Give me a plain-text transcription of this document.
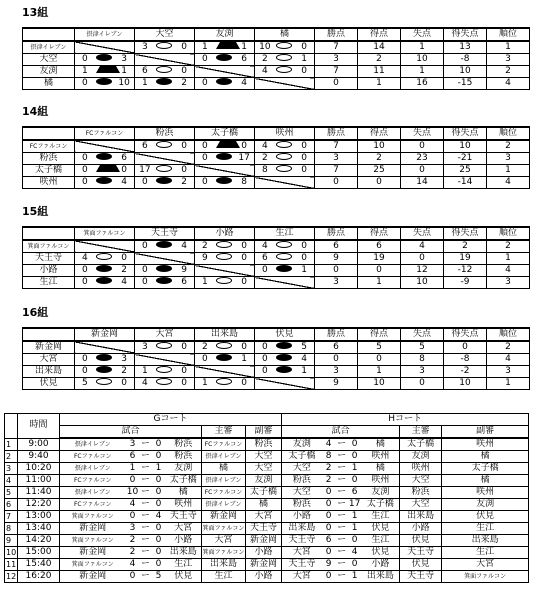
13組
	摂津イレブン	大空	友渕	橘	勝点	得点	失点	得失点	順位
摂津イレブン		3 0	1 1	10 0	7	14	1	13	1
大空	0 3		0 6	2 1	3	2	10	-8	3
友渕	1 1	6 0		4 0	7	11	1	10	2
橘	0 10	1 2	0 4		0	1	16	-15	4
14組
	FCファルコン	粉浜	太子橋	咲州	勝点	得点	失点	得失点	順位
FCファルコン		6 0	0 0	4 0	7	10	0	10	2
粉浜	0 6		0 17	2 0	3	2	23	-21	3
太子橋	0 0	17 0		8 0	7	25	0	25	1
咲州	0 4	0 2	0 8		0	0	14	-14	4
15組
	箕面ファルコン	天王寺	小路	生江	勝点	得点	失点	得失点	順位
箕面ファルコン		0 4	2 0	4 0	6	6	4	2	2
天王寺	4 0		9 0	6 0	9	19	0	19	1
小路	0 2	0 9		0 1	0	0	12	-12	4
生江	0 4	0 6	1 0		3	1	10	-9	3
16組
	新金岡	大宮	出来島	伏見	勝点	得点	失点	得失点	順位
新金岡		3 0	2 0	0 5	6	5	5	0	2
大宮	0 3		0 1	0 4	0	0	8	-8	4
出来島	0 2	1 0		0 1	3	1	3	-2	3
伏見	5 0	4 0	1 0		9	10	0	10	1
	時間	Gコート							Hコート						
		試合					主審	副審	試合					主審	副審
1	9:00	摂津イレブン	3	ー	0	粉浜	FCファルコン	粉浜	友渕	4	ー	0	橘	太子橋	咲州
2	9:40	FCファルコン	6	ー	0	粉浜	摂津イレブン	大空	太子橋	8	ー	0	咲州	友渕	橘
3	10:20	摂津イレブン	1	ー	1	友渕	橘	大空	大空	2	ー	1	橘	咲州	太子橋
4	11:00	FCファルコン	0	ー	0	太子橋	摂津イレブン	友渕	粉浜	2	ー	0	咲州	大空	橘
5	11:40	摂津イレブン	10	ー	0	橘	FCファルコン	太子橋	大空	0	ー	6	友渕	粉浜	咲州
6	12:20	FCファルコン	4	ー	0	咲州	摂津イレブン	橘	粉浜	0	ー	17	太子橋	大空	友渕
7	13:00	箕面ファルコン	0	ー	4	天王寺	新金岡	大宮	小路	0	ー	1	生江	出来島	伏見
8	13:40	新金岡	3	ー	0	大宮	箕面ファルコン	天王寺	出来島	0	ー	1	伏見	小路	生江
9	14:20	箕面ファルコン	2	ー	0	小路	大宮	新金岡	天王寺	6	ー	0	生江	伏見	出来島
10	15:00	新金岡	2	ー	0	出来島	箕面ファルコン	小路	大宮	0	ー	4	伏見	天王寺	生江
11	15:40	箕面ファルコン	4	ー	0	生江	出来島	新金岡	天王寺	9	ー	0	小路	伏見	大宮
12	16:20	新金岡	0	ー	5	伏見	生江	小路	大宮	0	ー	1	出来島	天王寺	箕面ファルコン
